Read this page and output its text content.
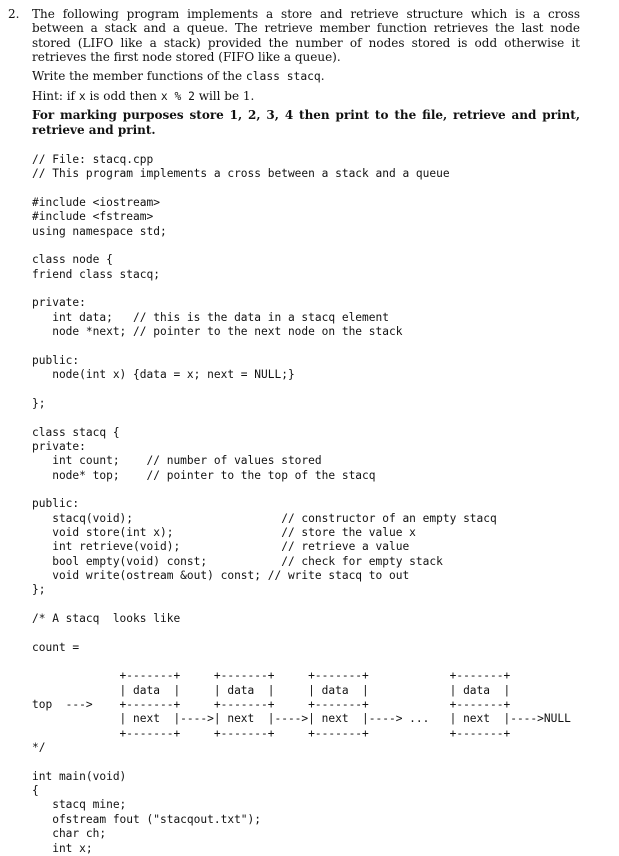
2. The following program implements a store and retrieve structure which is a cross between a stack and a queue. The retrieve member function retrieves the last node stored (LIFO like a stack) provided the number of nodes stored is odd otherwise it retrieves the first node stored (FIFO like a queue).

Write the member functions of the class stacq.

Hint: if x is odd then x % 2 will be 1.

For marking purposes store 1, 2, 3, 4 then print to the file, retrieve and print, retrieve and print.

// File: stacq.cpp
// This program implements a cross between a stack and a queue

#include <iostream>
#include <fstream>
using namespace std;

class node {
friend class stacq;

private:
int data;   // this is the data in a stacq element
node *next; // pointer to the next node on the stack

public:
node(int x) {data = x; next = NULL;}

};

class stacq {
private:
int count;    // number of values stored
node* top;    // pointer to the top of the stacq

public:
stacq(void);                      // constructor of an empty stacq
void store(int x);                // store the value x
int retrieve(void);               // retrieve a value
bool empty(void) const;           // check for empty stack
void write(ostream &out) const; // write stacq to out
};

/* A stacq  looks like

count =

+-------+     +-------+     +-------+            +-------+
| data  |     | data  |     | data  |            | data  |
top  --->    +-------+     +-------+     +-------+            +-------+
| next  |---->| next  |---->| next  |----> ...   | next  |---->NULL
+-------+     +-------+     +-------+            +-------+
*/

int main(void)
{
stacq mine;
ofstream fout ("stacqout.txt");
char ch;
int x;
